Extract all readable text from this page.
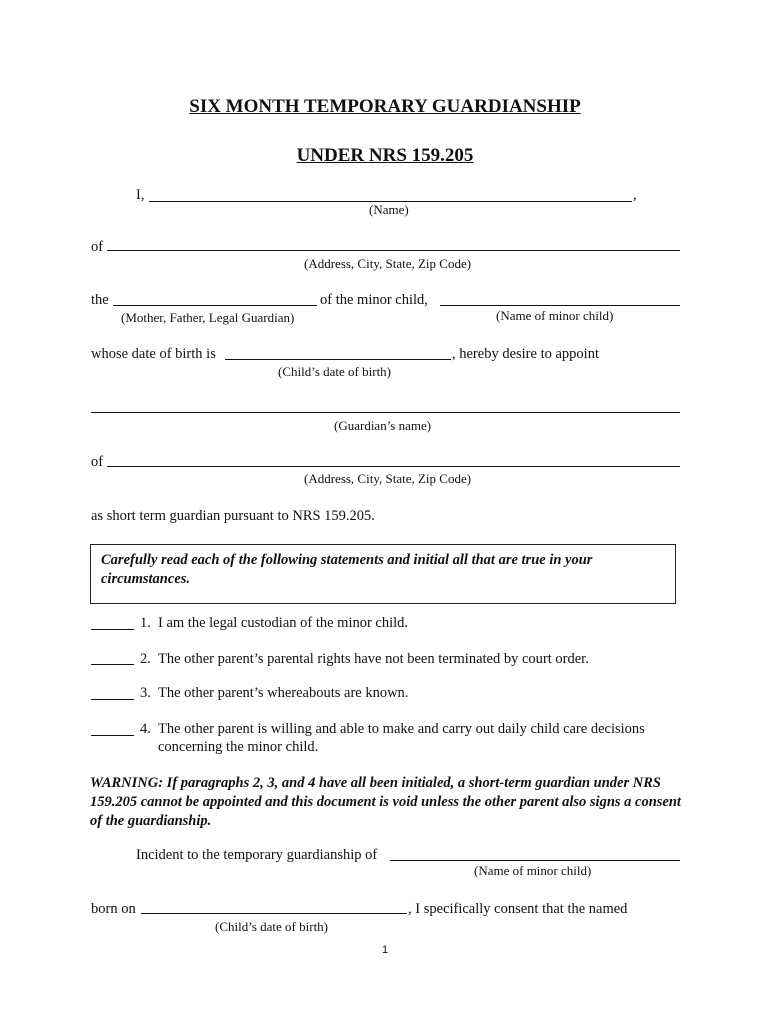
SIX MONTH TEMPORARY GUARDIANSHIP
UNDER NRS 159.205
I,	,
(Name)
of
(Address, City, State, Zip Code)
the	of the minor child,
(Mother, Father, Legal Guardian)	(Name of minor child)
whose date of birth is	, hereby desire to appoint
(Child’s date of birth)
(Guardian’s name)
of
(Address, City, State, Zip Code)
as short term guardian pursuant to NRS 159.205.
Carefully read each of the following statements and initial all that are true in your circumstances.
1. I am the legal custodian of the minor child.
2. The other parent’s parental rights have not been terminated by court order.
3. The other parent’s whereabouts are known.
4. The other parent is willing and able to make and carry out daily child care decisions concerning the minor child.
WARNING: If paragraphs 2, 3, and 4 have all been initialed, a short-term guardian under NRS 159.205 cannot be appointed and this document is void unless the other parent also signs a consent of the guardianship.
Incident to the temporary guardianship of
(Name of minor child)
born on	, I specifically consent that the named
(Child’s date of birth)
1
